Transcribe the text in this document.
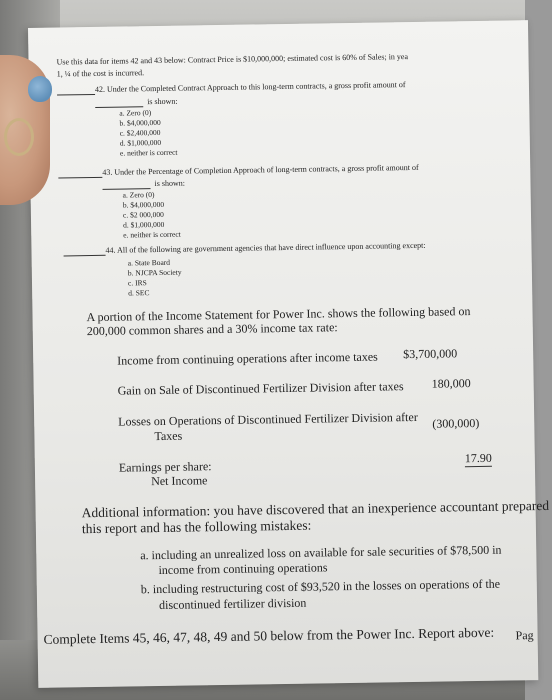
Use this data for items 42 and 43 below: Contract Price is $10,000,000; estimated cost is 60% of Sales; in yea
1, ¼ of the cost is incurred.
42. Under the Completed Contract Approach to this long-term contracts, a gross profit amount of
is shown:
a. Zero (0)
b. $4,000,000
c. $2,400,000
d. $1,000,000
e. neither is correct
43. Under the Percentage of Completion Approach of long-term contracts, a gross profit amount of
is shown:
a. Zero (0)
b. $4,000,000
c. $2 000,000
d. $1,000,000
e. neither is correct
44. All of the following are government agencies that have direct influence upon accounting except:
a. State Board
b. NJCPA Society
c. IRS
d. SEC
A portion of the Income Statement for Power Inc. shows the following based on
200,000 common shares and a 30% income tax rate:
Income from continuing operations after income taxes $3,700,000
Gain on Sale of Discontinued Fertilizer Division after taxes 180,000
Losses on Operations of Discontinued Fertilizer Division after
Taxes
(300,000)
Earnings per share:
Net Income
17.90
Additional information: you have discovered that an inexperience accountant prepared
this report and has the following mistakes:
a. including an unrealized loss on available for sale securities of $78,500 in
income from continuing operations
b. including restructuring cost of $93,520 in the losses on operations of the
discontinued fertilizer division
Complete Items 45, 46, 47, 48, 49 and 50 below from the Power Inc. Report above: Pag
